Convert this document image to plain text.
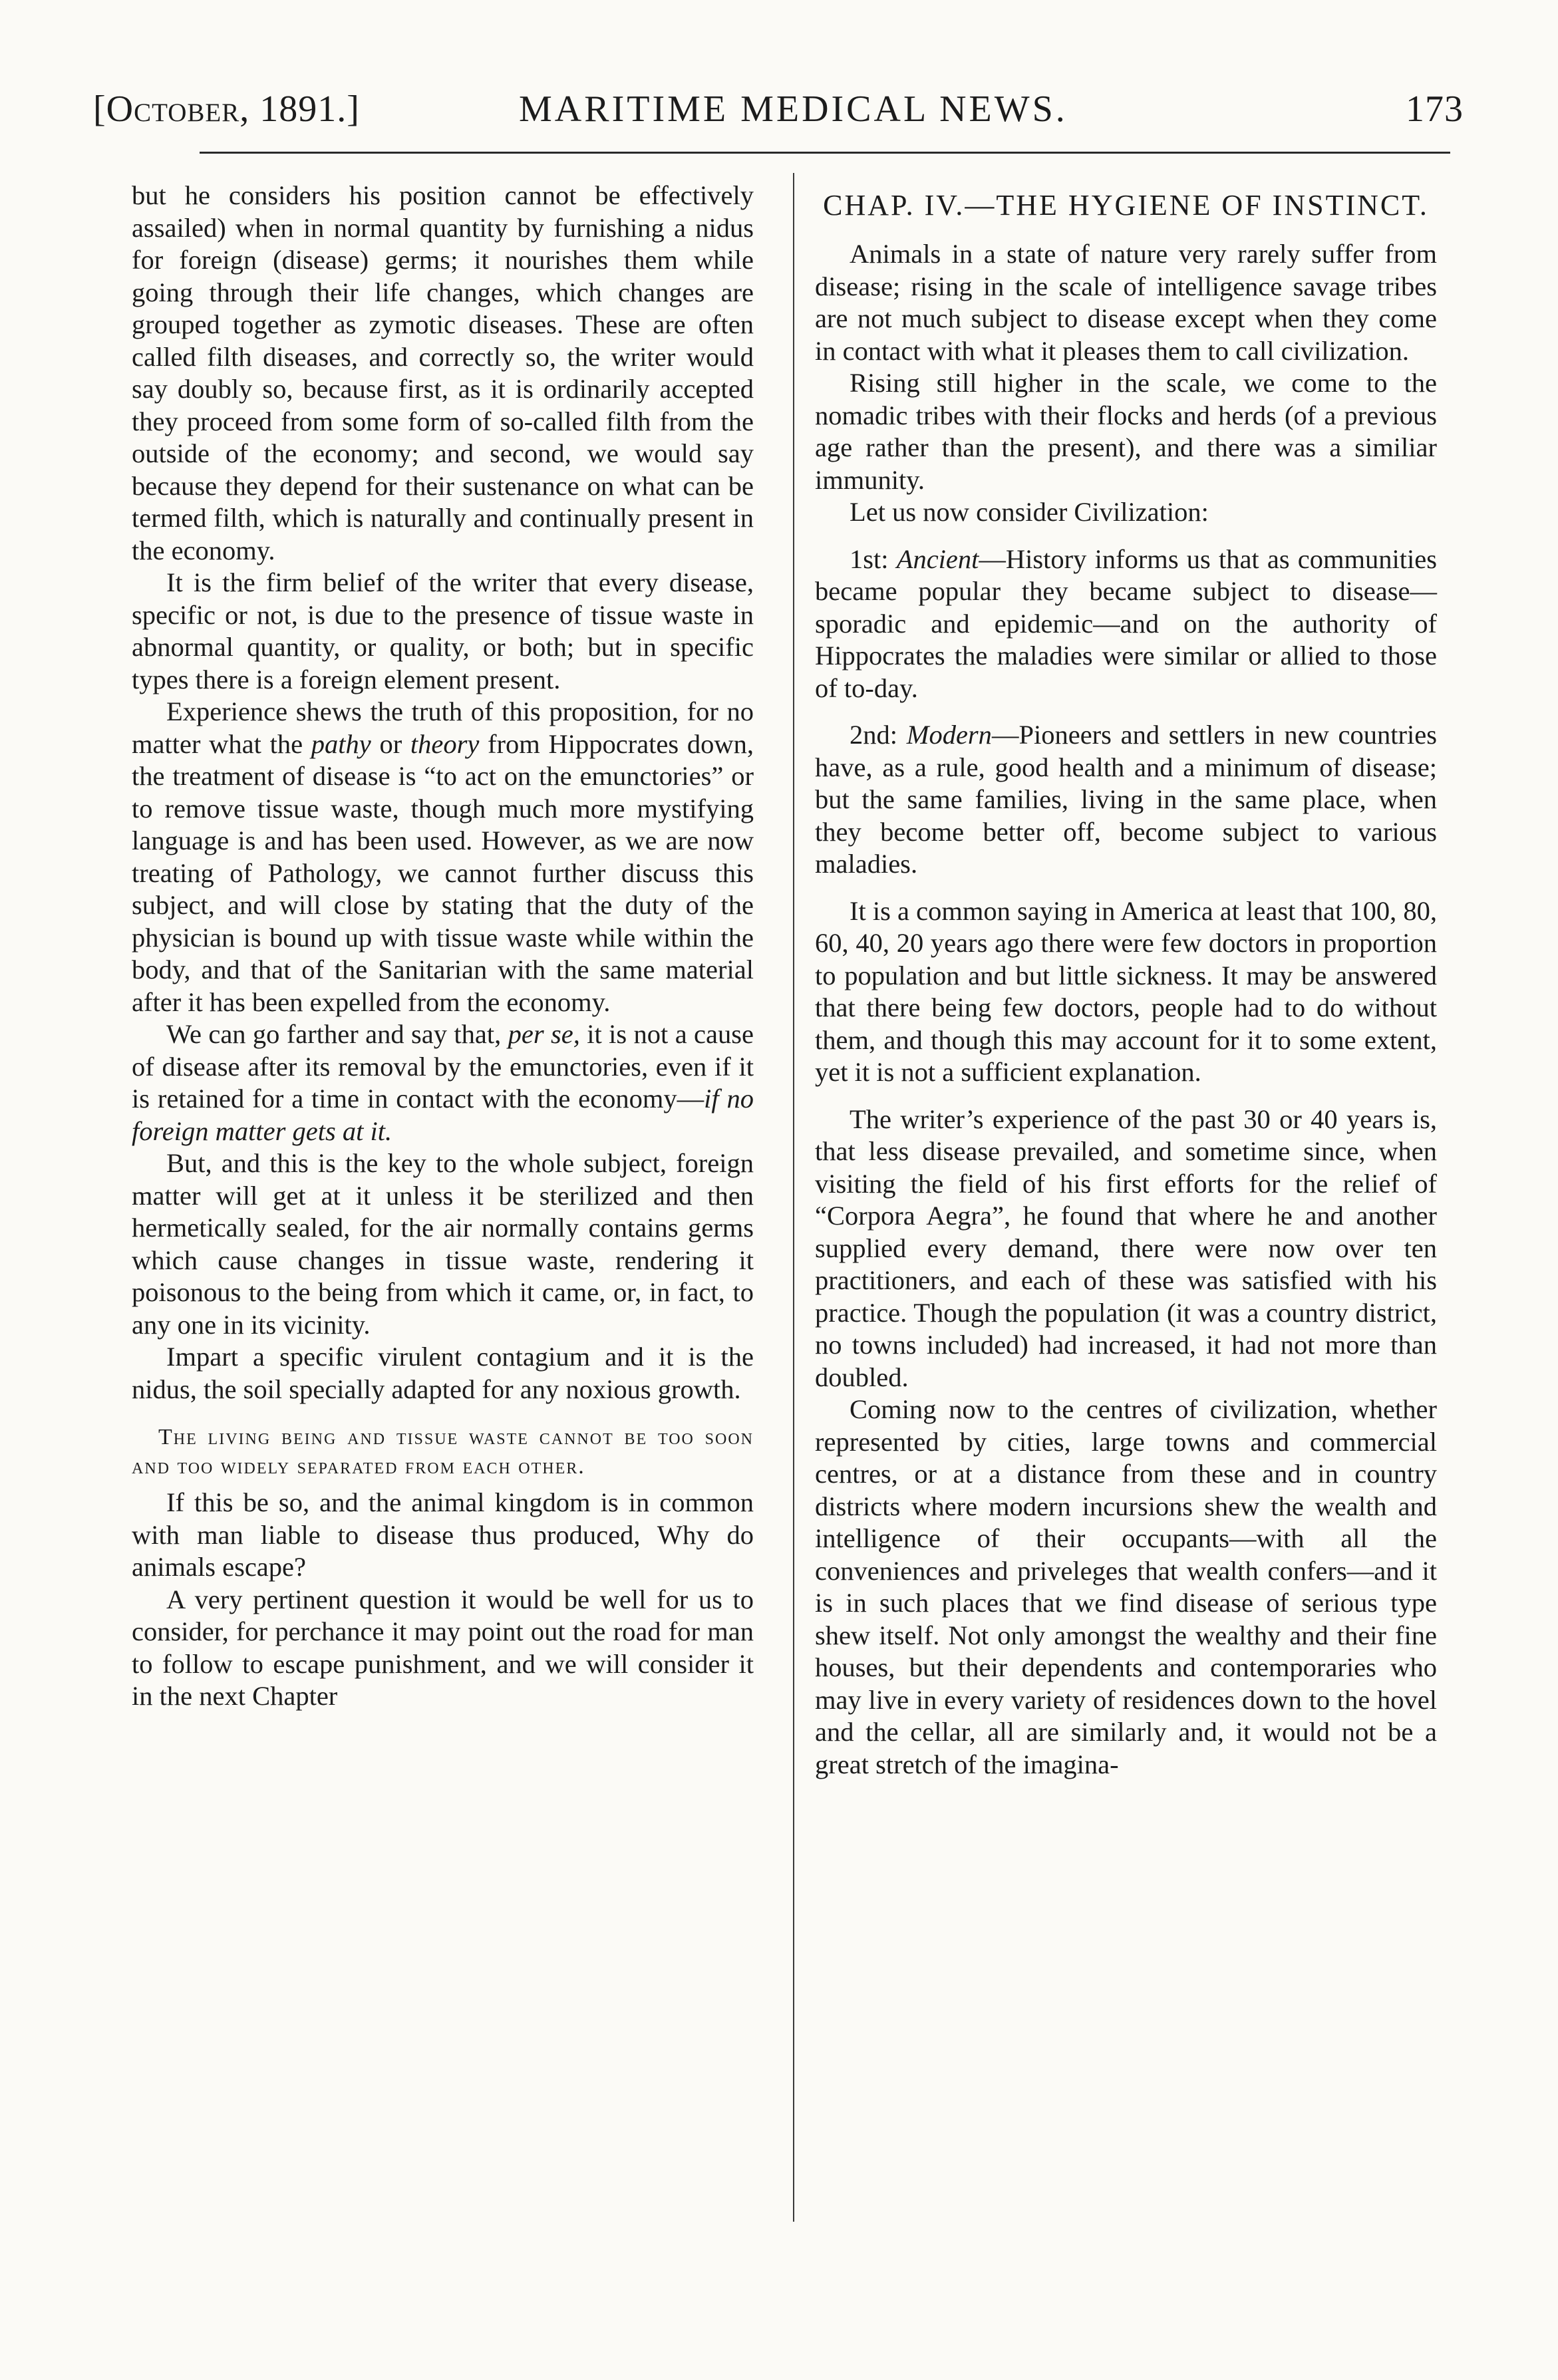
[October, 1891.]	MARITIME MEDICAL NEWS.	173

but he considers his position cannot be effectively assailed) when in normal quantity by furnishing a nidus for foreign (disease) germs; it nourishes them while going through their life changes, which changes are grouped together as zymotic diseases. These are often called filth diseases, and correctly so, the writer would say doubly so, because first, as it is ordinarily accepted they proceed from some form of so-called filth from the outside of the economy; and second, we would say because they depend for their sustenance on what can be termed filth, which is naturally and continually present in the economy.

It is the firm belief of the writer that every disease, specific or not, is due to the presence of tissue waste in abnormal quantity, or quality, or both; but in specific types there is a foreign element present.

Experience shews the truth of this proposition, for no matter what the pathy or theory from Hippocrates down, the treatment of disease is “to act on the emunctories” or to remove tissue waste, though much more mystifying language is and has been used. However, as we are now treating of Pathology, we cannot further discuss this subject, and will close by stating that the duty of the physician is bound up with tissue waste while within the body, and that of the Sanitarian with the same material after it has been expelled from the economy.

We can go farther and say that, per se, it is not a cause of disease after its removal by the emunctories, even if it is retained for a time in contact with the economy—if no foreign matter gets at it.

But, and this is the key to the whole subject, foreign matter will get at it unless it be sterilized and then hermetically sealed, for the air normally contains germs which cause changes in tissue waste, rendering it poisonous to the being from which it came, or, in fact, to any one in its vicinity.

Impart a specific virulent contagium and it is the nidus, the soil specially adapted for any noxious growth.

The living being and tissue waste cannot be too soon and too widely separated from each other.

If this be so, and the animal kingdom is in common with man liable to disease thus produced, Why do animals escape?

A very pertinent question it would be well for us to consider, for perchance it may point out the road for man to follow to escape punishment, and we will consider it in the next Chapter

CHAP. IV.—THE HYGIENE OF INSTINCT.

Animals in a state of nature very rarely suffer from disease; rising in the scale of intelligence savage tribes are not much subject to disease except when they come in contact with what it pleases them to call civilization.

Rising still higher in the scale, we come to the nomadic tribes with their flocks and herds (of a previous age rather than the present), and there was a similiar immunity.

Let us now consider Civilization:

1st: Ancient—History informs us that as communities became popular they became subject to disease—sporadic and epidemic—and on the authority of Hippocrates the maladies were similar or allied to those of to-day.

2nd: Modern—Pioneers and settlers in new countries have, as a rule, good health and a minimum of disease; but the same families, living in the same place, when they become better off, become subject to various maladies.

It is a common saying in America at least that 100, 80, 60, 40, 20 years ago there were few doctors in proportion to population and but little sickness. It may be answered that there being few doctors, people had to do without them, and though this may account for it to some extent, yet it is not a sufficient explanation.

The writer’s experience of the past 30 or 40 years is, that less disease prevailed, and sometime since, when visiting the field of his first efforts for the relief of “Corpora Aegra”, he found that where he and another supplied every demand, there were now over ten practitioners, and each of these was satisfied with his practice. Though the population (it was a country district, no towns included) had increased, it had not more than doubled.

Coming now to the centres of civilization, whether represented by cities, large towns and commercial centres, or at a distance from these and in country districts where modern incursions shew the wealth and intelligence of their occupants—with all the conveniences and priveleges that wealth confers—and it is in such places that we find disease of serious type shew itself. Not only amongst the wealthy and their fine houses, but their dependents and contemporaries who may live in every variety of residences down to the hovel and the cellar, all are similarly and, it would not be a great stretch of the imagina-
